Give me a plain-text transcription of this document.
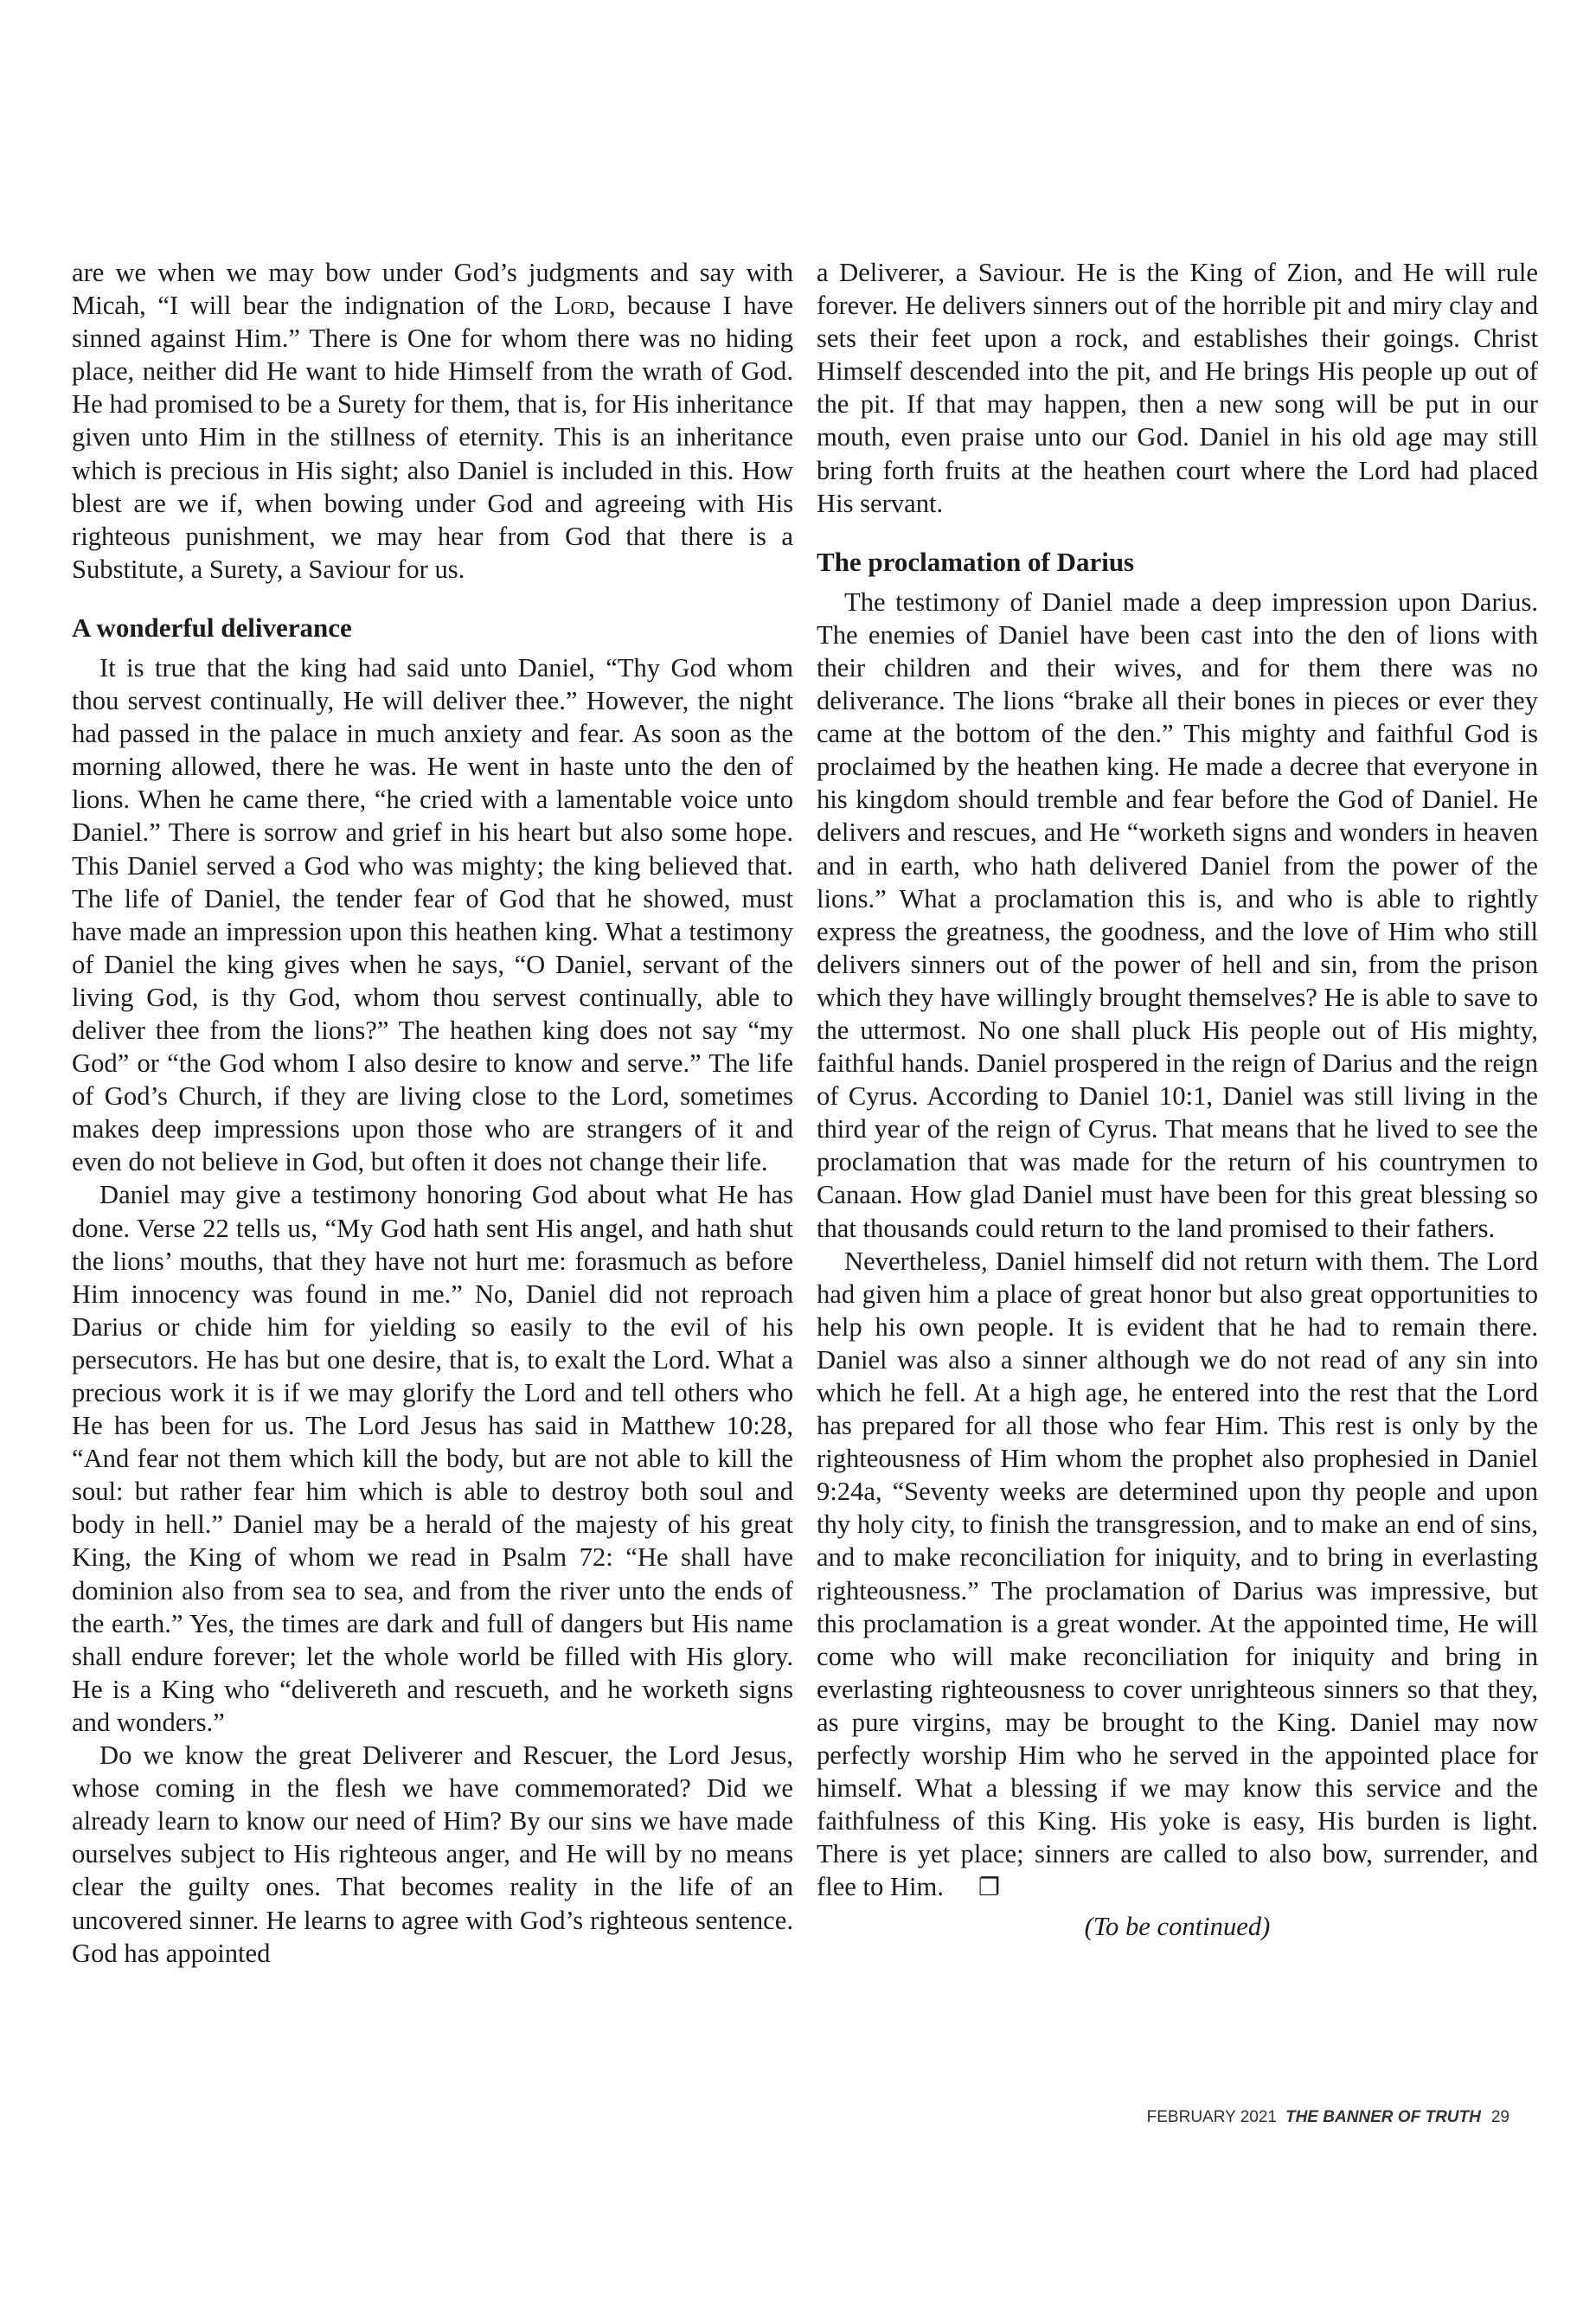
are we when we may bow under God’s judgments and say with Micah, “I will bear the indignation of the Lord, because I have sinned against Him.” There is One for whom there was no hiding place, neither did He want to hide Himself from the wrath of God. He had promised to be a Surety for them, that is, for His inheritance given unto Him in the stillness of eternity. This is an inheritance which is precious in His sight; also Daniel is included in this. How blest are we if, when bowing under God and agreeing with His righteous punishment, we may hear from God that there is a Substitute, a Surety, a Saviour for us.

A wonderful deliverance

It is true that the king had said unto Daniel, “Thy God whom thou servest continually, He will deliver thee.” However, the night had passed in the palace in much anxiety and fear. As soon as the morning allowed, there he was. He went in haste unto the den of lions. When he came there, “he cried with a lamentable voice unto Daniel.” There is sorrow and grief in his heart but also some hope. This Daniel served a God who was mighty; the king believed that. The life of Daniel, the tender fear of God that he showed, must have made an impression upon this heathen king. What a testimony of Daniel the king gives when he says, “O Daniel, servant of the living God, is thy God, whom thou servest continually, able to deliver thee from the lions?” The heathen king does not say “my God” or “the God whom I also desire to know and serve.” The life of God’s Church, if they are living close to the Lord, sometimes makes deep impressions upon those who are strangers of it and even do not believe in God, but often it does not change their life.

Daniel may give a testimony honoring God about what He has done. Verse 22 tells us, “My God hath sent His angel, and hath shut the lions’ mouths, that they have not hurt me: forasmuch as before Him innocency was found in me.” No, Daniel did not reproach Darius or chide him for yielding so easily to the evil of his persecutors. He has but one desire, that is, to exalt the Lord. What a precious work it is if we may glorify the Lord and tell others who He has been for us. The Lord Jesus has said in Matthew 10:28, “And fear not them which kill the body, but are not able to kill the soul: but rather fear him which is able to destroy both soul and body in hell.” Daniel may be a herald of the majesty of his great King, the King of whom we read in Psalm 72: “He shall have dominion also from sea to sea, and from the river unto the ends of the earth.” Yes, the times are dark and full of dangers but His name shall endure forever; let the whole world be filled with His glory. He is a King who “delivereth and rescueth, and he worketh signs and wonders.”

Do we know the great Deliverer and Rescuer, the Lord Jesus, whose coming in the flesh we have commemorated? Did we already learn to know our need of Him? By our sins we have made ourselves subject to His righteous anger, and He will by no means clear the guilty ones. That becomes reality in the life of an uncovered sinner. He learns to agree with God’s righteous sentence. God has appointed

a Deliverer, a Saviour. He is the King of Zion, and He will rule forever. He delivers sinners out of the horrible pit and miry clay and sets their feet upon a rock, and establishes their goings. Christ Himself descended into the pit, and He brings His people up out of the pit. If that may happen, then a new song will be put in our mouth, even praise unto our God. Daniel in his old age may still bring forth fruits at the heathen court where the Lord had placed His servant.

The proclamation of Darius

The testimony of Daniel made a deep impression upon Darius. The enemies of Daniel have been cast into the den of lions with their children and their wives, and for them there was no deliverance. The lions “brake all their bones in pieces or ever they came at the bottom of the den.” This mighty and faithful God is proclaimed by the heathen king. He made a decree that everyone in his kingdom should tremble and fear before the God of Daniel. He delivers and rescues, and He “worketh signs and wonders in heaven and in earth, who hath delivered Daniel from the power of the lions.” What a proclamation this is, and who is able to rightly express the greatness, the goodness, and the love of Him who still delivers sinners out of the power of hell and sin, from the prison which they have willingly brought themselves? He is able to save to the uttermost. No one shall pluck His people out of His mighty, faithful hands. Daniel prospered in the reign of Darius and the reign of Cyrus. According to Daniel 10:1, Daniel was still living in the third year of the reign of Cyrus. That means that he lived to see the proclamation that was made for the return of his countrymen to Canaan. How glad Daniel must have been for this great blessing so that thousands could return to the land promised to their fathers.

Nevertheless, Daniel himself did not return with them. The Lord had given him a place of great honor but also great opportunities to help his own people. It is evident that he had to remain there. Daniel was also a sinner although we do not read of any sin into which he fell. At a high age, he entered into the rest that the Lord has prepared for all those who fear Him. This rest is only by the righteousness of Him whom the prophet also prophesied in Daniel 9:24a, “Seventy weeks are determined upon thy people and upon thy holy city, to finish the transgression, and to make an end of sins, and to make reconciliation for iniquity, and to bring in everlasting righteousness.” The proclamation of Darius was impressive, but this proclamation is a great wonder. At the appointed time, He will come who will make reconciliation for iniquity and bring in everlasting righteousness to cover unrighteous sinners so that they, as pure virgins, may be brought to the King. Daniel may now perfectly worship Him who he served in the appointed place for himself. What a blessing if we may know this service and the faithfulness of this King. His yoke is easy, His burden is light. There is yet place; sinners are called to also bow, surrender, and flee to Him. ❐

(To be continued)

FEBRUARY 2021 THE BANNER OF TRUTH 29
